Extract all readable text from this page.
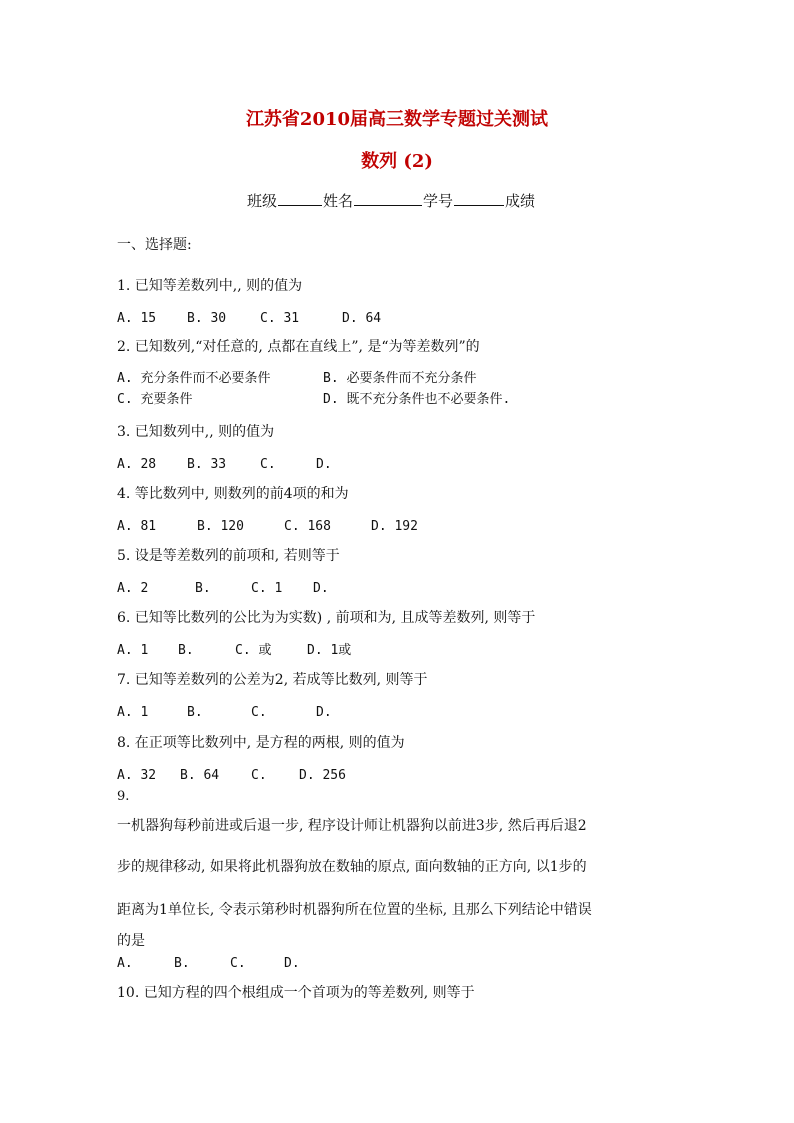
江苏省2010届高三数学专题过关测试
数列 (2)
班级	姓名	学号	成绩
一、选择题:
1. 已知等差数列中,, 则的值为
A. 15 B. 30	C. 31	D. 64
2. 已知数列,“对任意的, 点都在直线上”, 是“为等差数列”的
A. 充分条件而不必要条件	B. 必要条件而不充分条件
C. 充要条件	D. 既不充分条件也不必要条件.
3. 已知数列中,, 则的值为
A. 28 B. 33	C.	D.
4. 等比数列中, 则数列的前4项的和为
A. 81	B. 120	C. 168	D. 192
5. 设是等差数列的前项和, 若则等于
A. 2	B.	C. 1 D.
6. 已知等比数列的公比为为实数) , 前项和为, 且成等差数列, 则等于
A. 1 B.	C. 或	D. 1或
7. 已知等差数列的公差为2, 若成等比数列, 则等于
A. 1	B.	C.	D.
8. 在正项等比数列中, 是方程的两根, 则的值为
A. 32 B. 64 C. D. 256
9.
一机器狗每秒前进或后退一步, 程序设计师让机器狗以前进3步, 然后再后退2
步的规律移动, 如果将此机器狗放在数轴的原点, 面向数轴的正方向, 以1步的
距离为1单位长, 令表示第秒时机器狗所在位置的坐标, 且那么下列结论中错误
的是
A.	B.	C.	D.
10. 已知方程的四个根组成一个首项为的等差数列, 则等于
